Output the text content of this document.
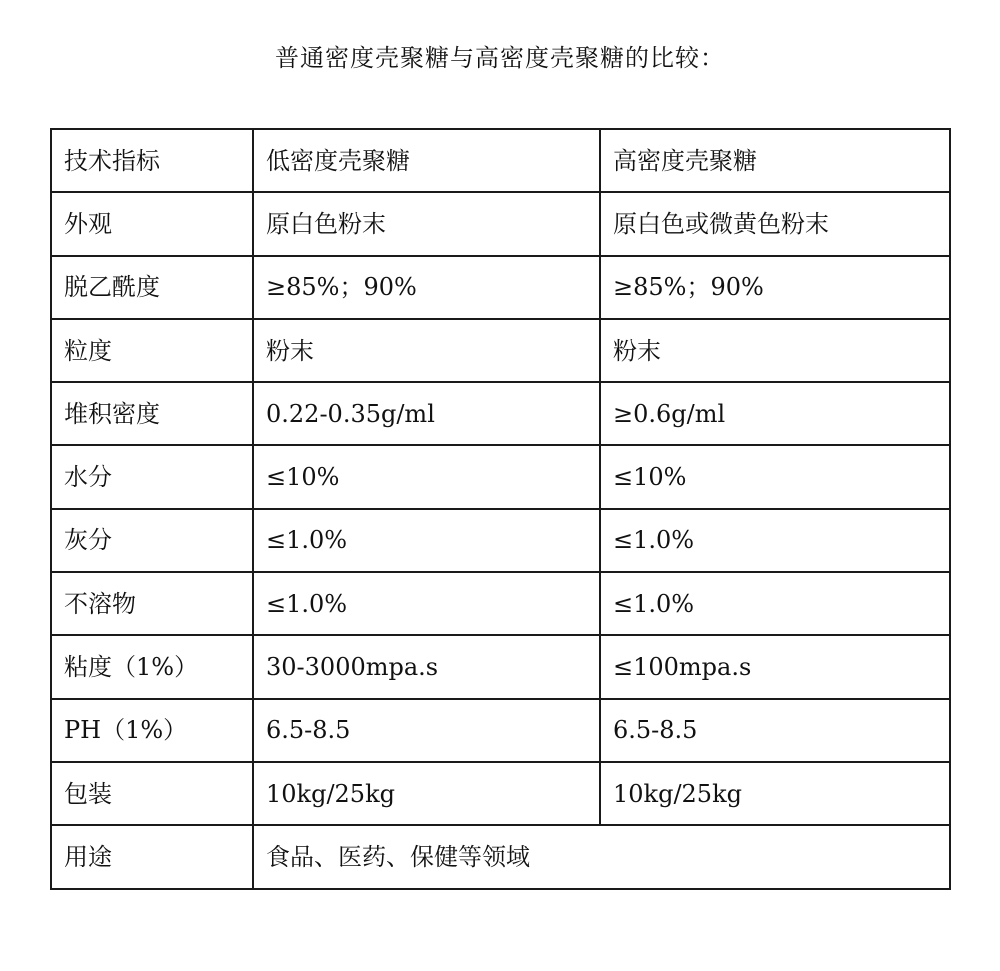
普通密度壳聚糖与高密度壳聚糖的比较：
技术指标	低密度壳聚糖	高密度壳聚糖
外观	原白色粉末	原白色或微黄色粉末
脱乙酰度	≥85%；90%	≥85%；90%
粒度	粉末	粉末
堆积密度	0.22-0.35g/ml	≥0.6g/ml
水分	≤10%	≤10%
灰分	≤1.0%	≤1.0%
不溶物	≤1.0%	≤1.0%
粘度（1%）	30-3000mpa.s	≤100mpa.s
PH（1%）	6.5-8.5	6.5-8.5
包装	10kg/25kg	10kg/25kg
用途	食品、医药、保健等领域	
